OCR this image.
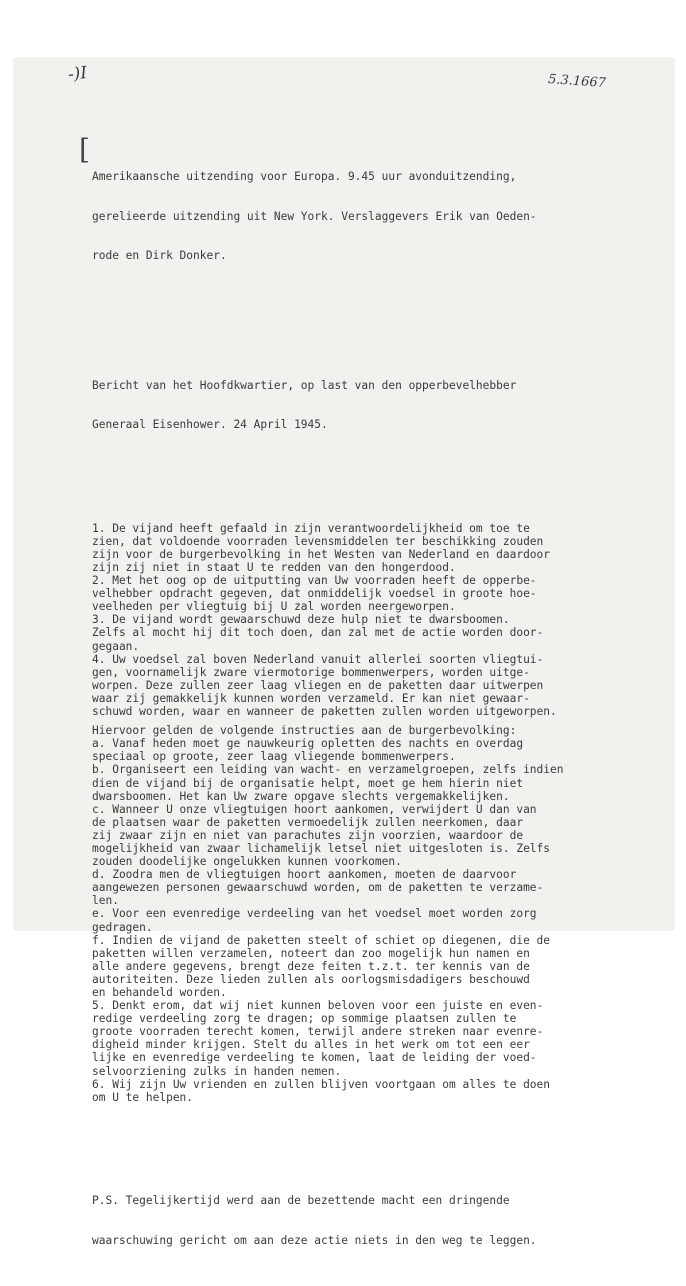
-)I	5.3.1667
[

Amerikaansche uitzending voor Europa. 9.45 uur avonduitzending,

gerelieerde uitzending uit New York. Verslaggevers Erik van Oeden-

rode en Dirk Donker.

Bericht van het Hoofdkwartier, op last van den opperbevelhebber

Generaal Eisenhower. 24 April 1945.

1. De vijand heeft gefaald in zijn verantwoordelijkheid om toe te
zien, dat voldoende voorraden levensmiddelen ter beschikking zouden
zijn voor de burgerbevolking in het Westen van Nederland en daardoor
zijn zij niet in staat U te redden van den hongerdood.
2. Met het oog op de uitputting van Uw voorraden heeft de opperbe-
velhebber opdracht gegeven, dat onmiddelijk voedsel in groote hoe-
veelheden per vliegtuig bij U zal worden neergeworpen.
3. De vijand wordt gewaarschuwd deze hulp niet te dwarsboomen.
Zelfs al mocht hij dit toch doen, dan zal met de actie worden door-
gegaan.
4. Uw voedsel zal boven Nederland vanuit allerlei soorten vliegtui-
gen, voornamelijk zware viermotorige bommenwerpers, worden uitge-
worpen. Deze zullen zeer laag vliegen en de paketten daar uitwerpen
waar zij gemakkelijk kunnen worden verzameld. Er kan niet gewaar-
schuwd worden, waar en wanneer de paketten zullen worden uitgeworpen.
Hiervoor gelden de volgende instructies aan de burgerbevolking:
a. Vanaf heden moet ge nauwkeurig opletten des nachts en overdag
speciaal op groote, zeer laag vliegende bommenwerpers.
b. Organiseert een leiding van wacht- en verzamelgroepen, zelfs indien
dien de vijand bij de organisatie helpt, moet ge hem hierin niet
dwarsboomen. Het kan Uw zware opgave slechts vergemakkelijken.
c. Wanneer U onze vliegtuigen hoort aankomen, verwijdert U dan van
de plaatsen waar de paketten vermoedelijk zullen neerkomen, daar
zij zwaar zijn en niet van parachutes zijn voorzien, waardoor de
mogelijkheid van zwaar lichamelijk letsel niet uitgesloten is. Zelfs
zouden doodelijke ongelukken kunnen voorkomen.
d. Zoodra men de vliegtuigen hoort aankomen, moeten de daarvoor
aangewezen personen gewaarschuwd worden, om de paketten te verzame-
len.
e. Voor een evenredige verdeeling van het voedsel moet worden zorg
gedragen.
f. Indien de vijand de paketten steelt of schiet op diegenen, die de
paketten willen verzamelen, noteert dan zoo mogelijk hun namen en
alle andere gegevens, brengt deze feiten t.z.t. ter kennis van de
autoriteiten. Deze lieden zullen als oorlogsmisdadigers beschouwd
en behandeld worden.
5. Denkt erom, dat wij niet kunnen beloven voor een juiste en even-
redige verdeeling zorg te dragen; op sommige plaatsen zullen te
groote voorraden terecht komen, terwijl andere streken naar evenre-
digheid minder krijgen. Stelt du alles in het werk om tot een eer
lijke en evenredige verdeeling te komen, laat de leiding der voed-
selvoorziening zulks in handen nemen.
6. Wij zijn Uw vrienden en zullen blijven voortgaan om alles te doen
om U te helpen.

P.S. Tegelijkertijd werd aan de bezettende macht een dringende

waarschuwing gericht om aan deze actie niets in den weg te leggen.
